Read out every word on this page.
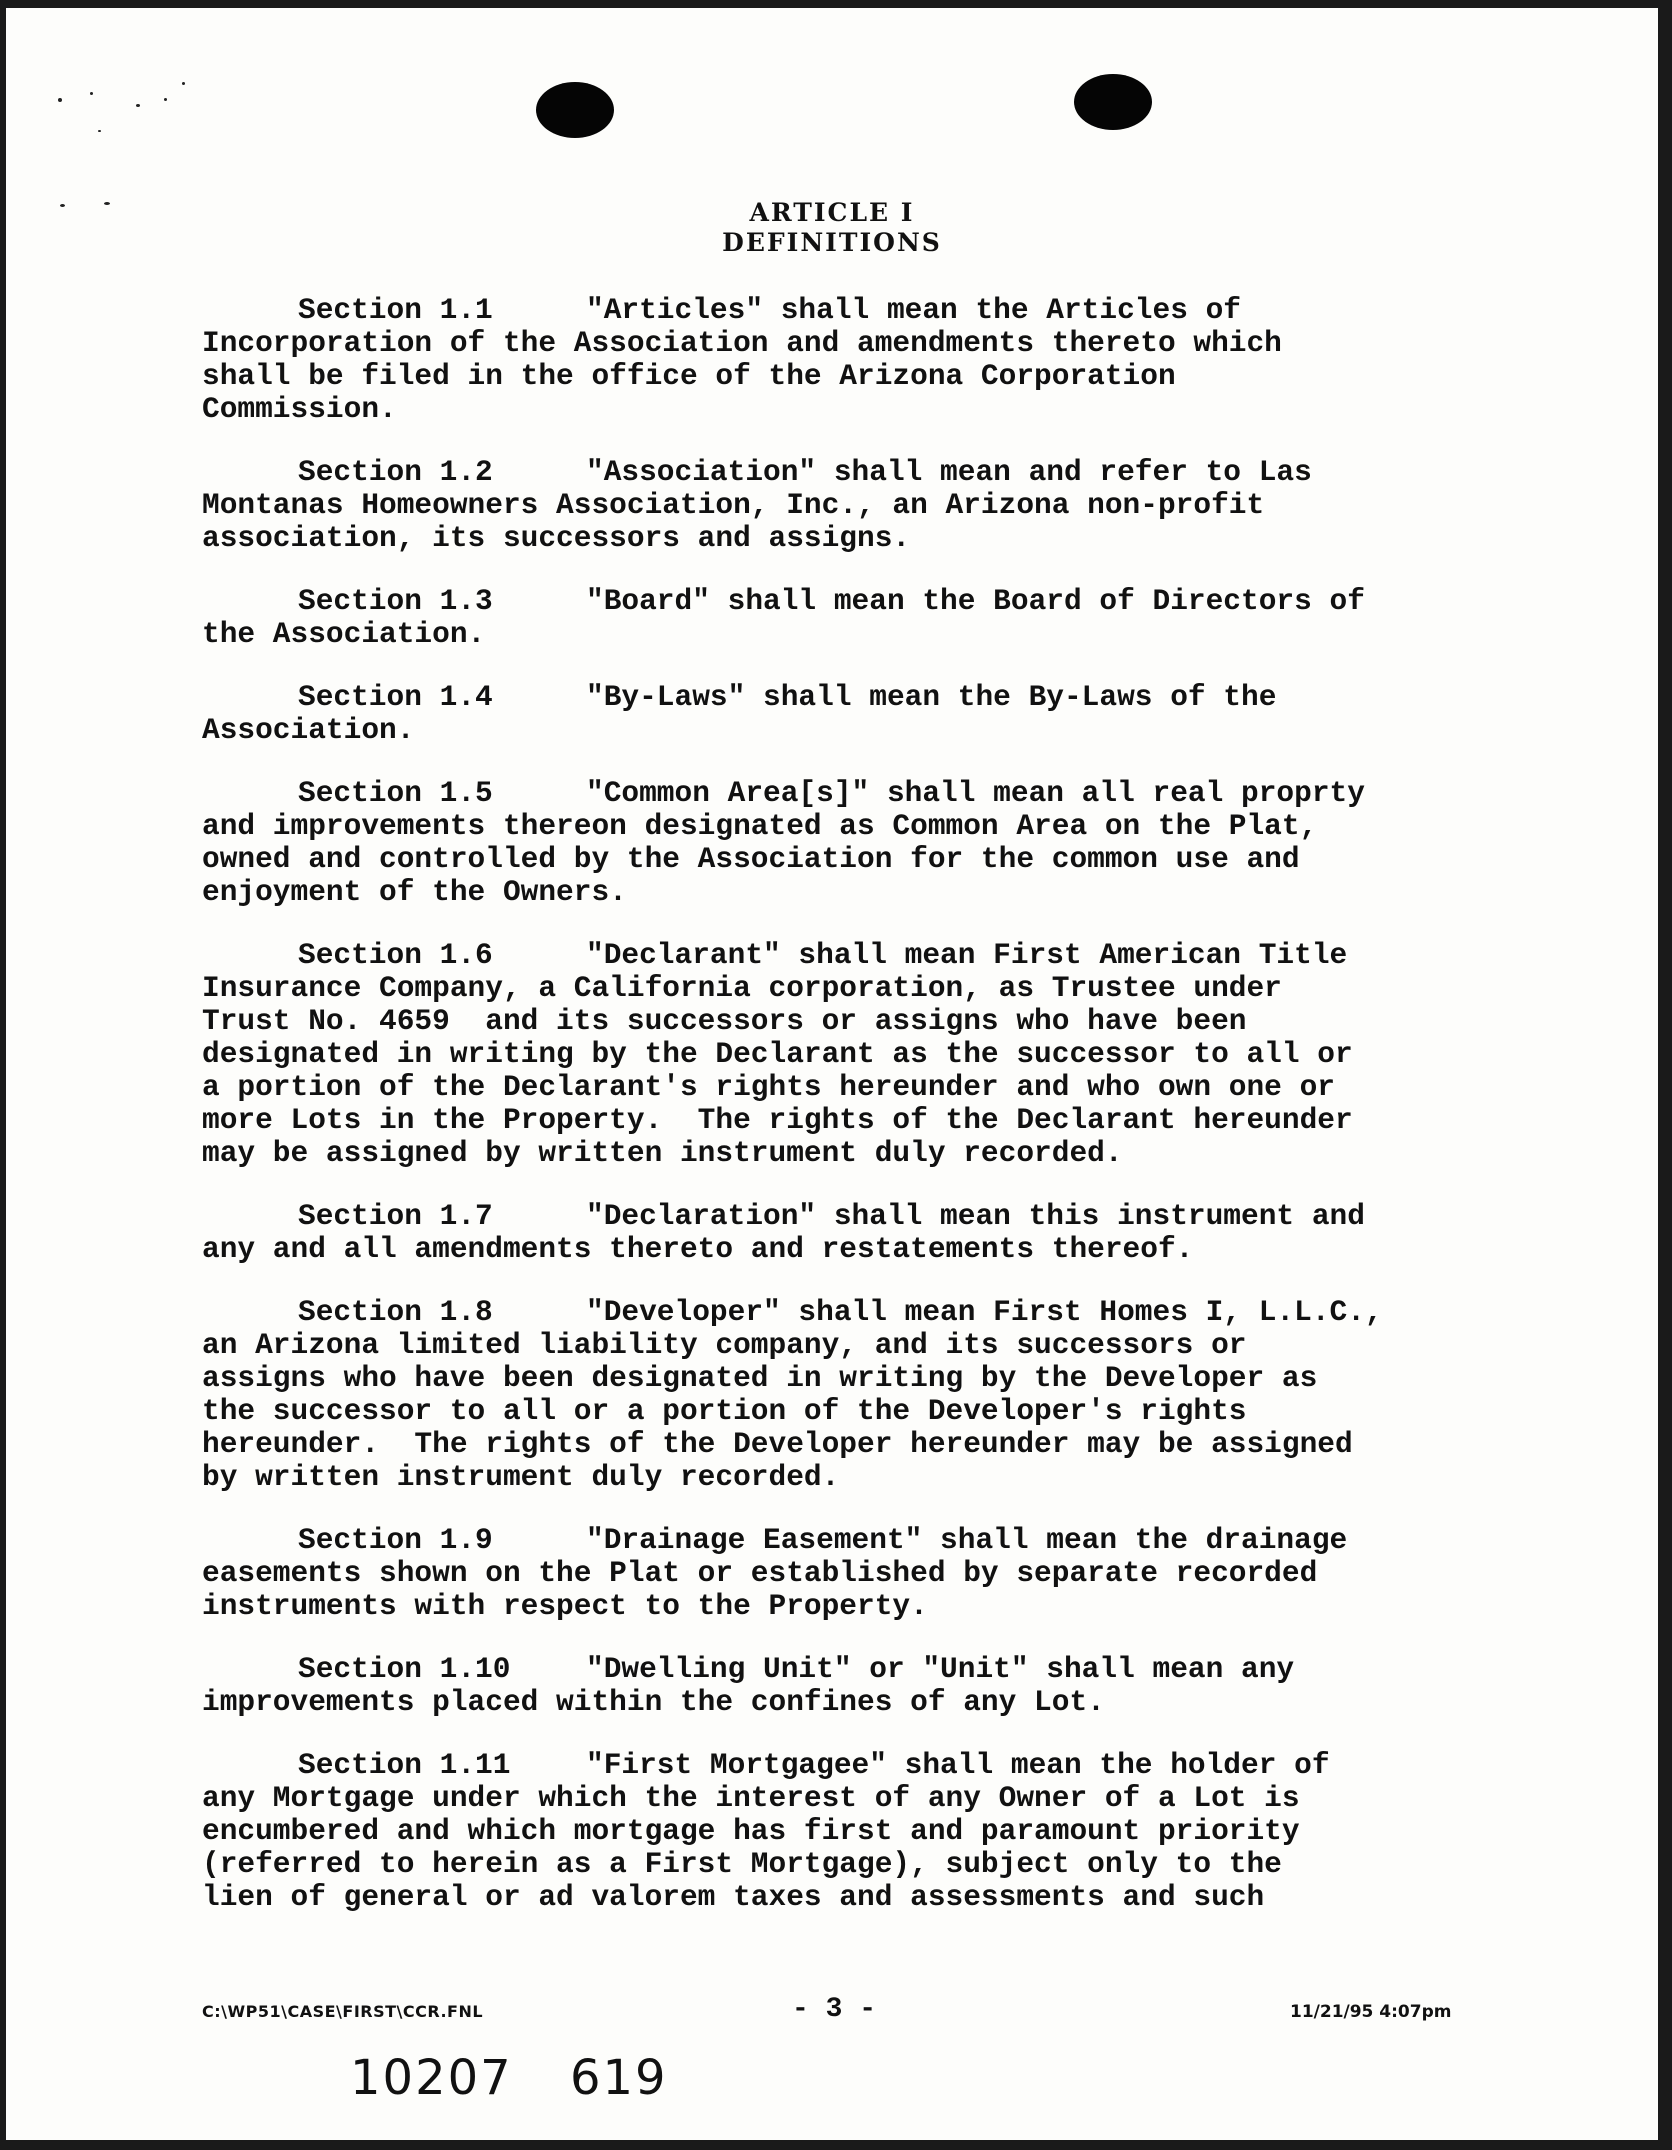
ARTICLE I
DEFINITIONS
Section 1.1	"Articles" shall mean the Articles of
Incorporation of the Association and amendments thereto which
shall be filed in the office of the Arizona Corporation
Commission.
Section 1.2	"Association" shall mean and refer to Las
Montanas Homeowners Association, Inc., an Arizona non-profit
association, its successors and assigns.
Section 1.3	"Board" shall mean the Board of Directors of
the Association.
Section 1.4	"By-Laws" shall mean the By-Laws of the
Association.
Section 1.5	"Common Area[s]" shall mean all real proprty
and improvements thereon designated as Common Area on the Plat,
owned and controlled by the Association for the common use and
enjoyment of the Owners.
Section 1.6	"Declarant" shall mean First American Title
Insurance Company, a California corporation, as Trustee under
Trust No. 4659  and its successors or assigns who have been
designated in writing by the Declarant as the successor to all or
a portion of the Declarant's rights hereunder and who own one or
more Lots in the Property.  The rights of the Declarant hereunder
may be assigned by written instrument duly recorded.
Section 1.7	"Declaration" shall mean this instrument and
any and all amendments thereto and restatements thereof.
Section 1.8	"Developer" shall mean First Homes I, L.L.C.,
an Arizona limited liability company, and its successors or
assigns who have been designated in writing by the Developer as
the successor to all or a portion of the Developer's rights
hereunder.  The rights of the Developer hereunder may be assigned
by written instrument duly recorded.
Section 1.9	"Drainage Easement" shall mean the drainage
easements shown on the Plat or established by separate recorded
instruments with respect to the Property.
Section 1.10	"Dwelling Unit" or "Unit" shall mean any
improvements placed within the confines of any Lot.
Section 1.11	"First Mortgagee" shall mean the holder of
any Mortgage under which the interest of any Owner of a Lot is
encumbered and which mortgage has first and paramount priority
(referred to herein as a First Mortgage), subject only to the
lien of general or ad valorem taxes and assessments and such
C:\WP51\CASE\FIRST\CCR.FNL	- 3 -	11/21/95 4:07pm
10207 619
